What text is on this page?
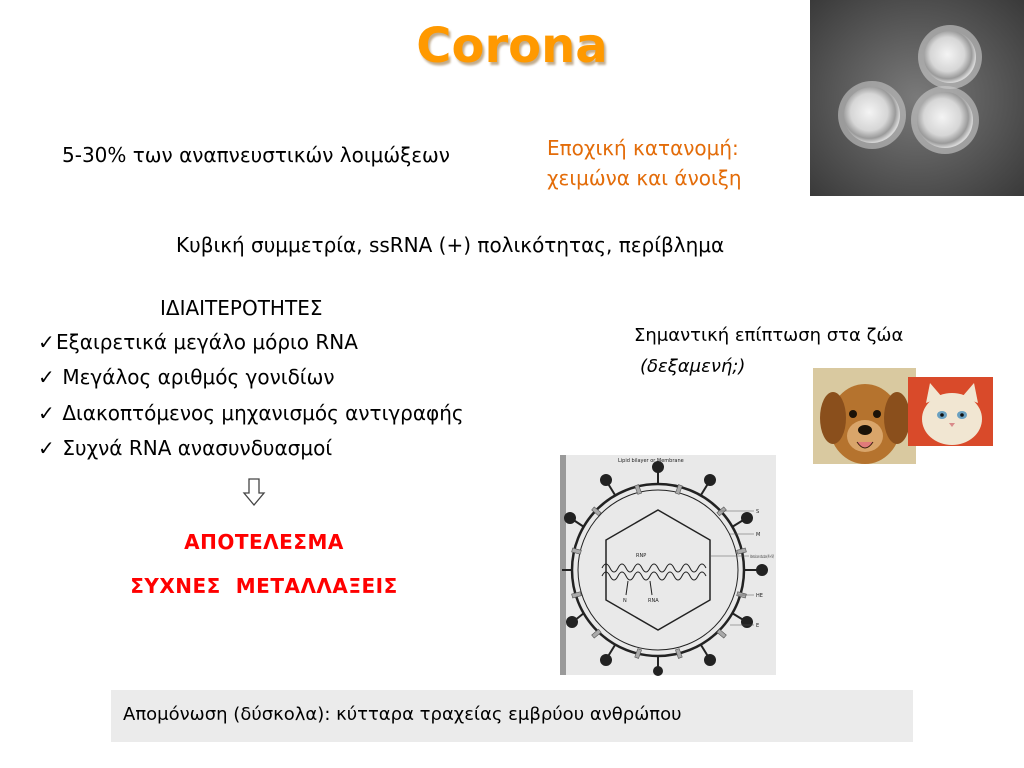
Corona
5-30% των αναπνευστικών λοιμώξεων	Εποχική κατανομή:
χειμώνα και άνοιξη
Κυβική συμμετρία, ssRNA (+) πολικότητας, περίβλημα
ΙΔΙΑΙΤΕΡΟΤΗΤΕΣ
✓Εξαιρετικά μεγάλο μόριο RNA
✓ Μεγάλος αριθμός γονιδίων
✓ Διακοπτόμενος μηχανισμός αντιγραφής
✓ Συχνά RNA ανασυνδυασμοί
ΑΠΟΤΕΛΕΣΜΑ
ΣΥΧΝΕΣ  ΜΕΤΑΛΛΑΞΕΙΣ
Σημαντική επίπτωση στα ζώα
(δεξαμενή;)
Lipid bilayer or Membrane
S
M
Internal core structure (M + N?)
HE
E
RNP
N	RNA
Απομόνωση (δύσκολα): κύτταρα τραχείας εμβρύου ανθρώπου
